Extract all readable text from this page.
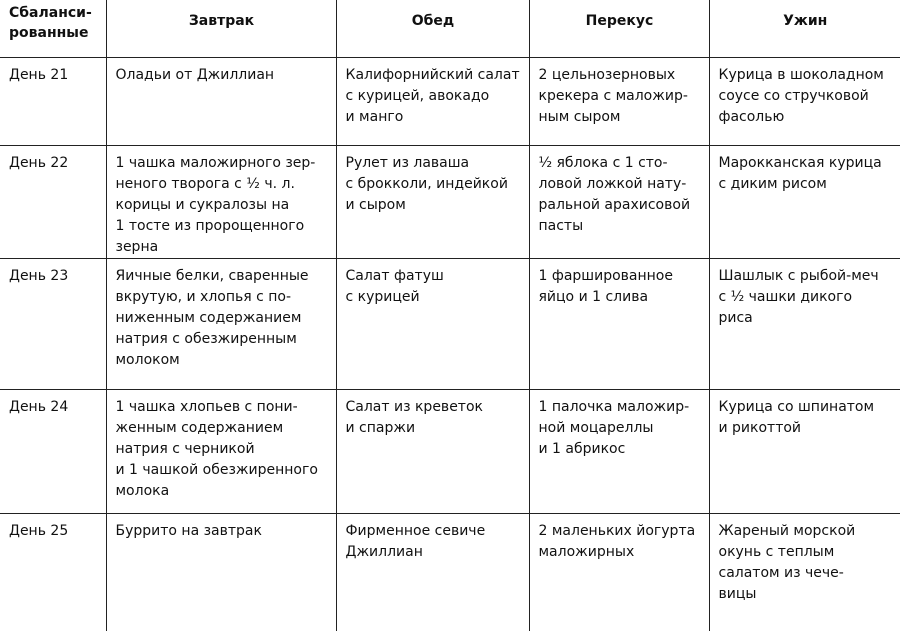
Сбаланси-
рованные	Завтрак	Обед	Перекус	Ужин
День 21	Оладьи от Джиллиан	Калифорнийский салат
с курицей, авокадо
и манго	2 цельнозерновых
крекера с маложир-
ным сыром	Курица в шоколадном
соусе со стручковой
фасолью
День 22	1 чашка маложирного зер-
неного творога с ¹⁄₂ ч. л.
корицы и сукралозы на
1 тосте из пророщенного
зерна	Рулет из лаваша
с брокколи, индейкой
и сыром	¹⁄₂ яблока с 1 сто-
ловой ложкой нату-
ральной арахисовой
пасты	Марокканская курица
с диким рисом
День 23	Яичные белки, сваренные
вкрутую, и хлопья с по-
ниженным содержанием
натрия с обезжиренным
молоком	Салат фатуш
с курицей	1 фаршированное
яйцо и 1 слива	Шашлык с рыбой-меч
с ¹⁄₂ чашки дикого
риса
День 24	1 чашка хлопьев с пони-
женным содержанием
натрия с черникой
и 1 чашкой обезжиренного
молока	Салат из креветок
и спаржи	1 палочка маложир-
ной моцареллы
и 1 абрикос	Курица со шпинатом
и рикоттой
День 25	Буррито на завтрак	Фирменное севиче
Джиллиан	2 маленьких йогурта
маложирных	Жареный морской
окунь с теплым
салатом из чече-
вицы
